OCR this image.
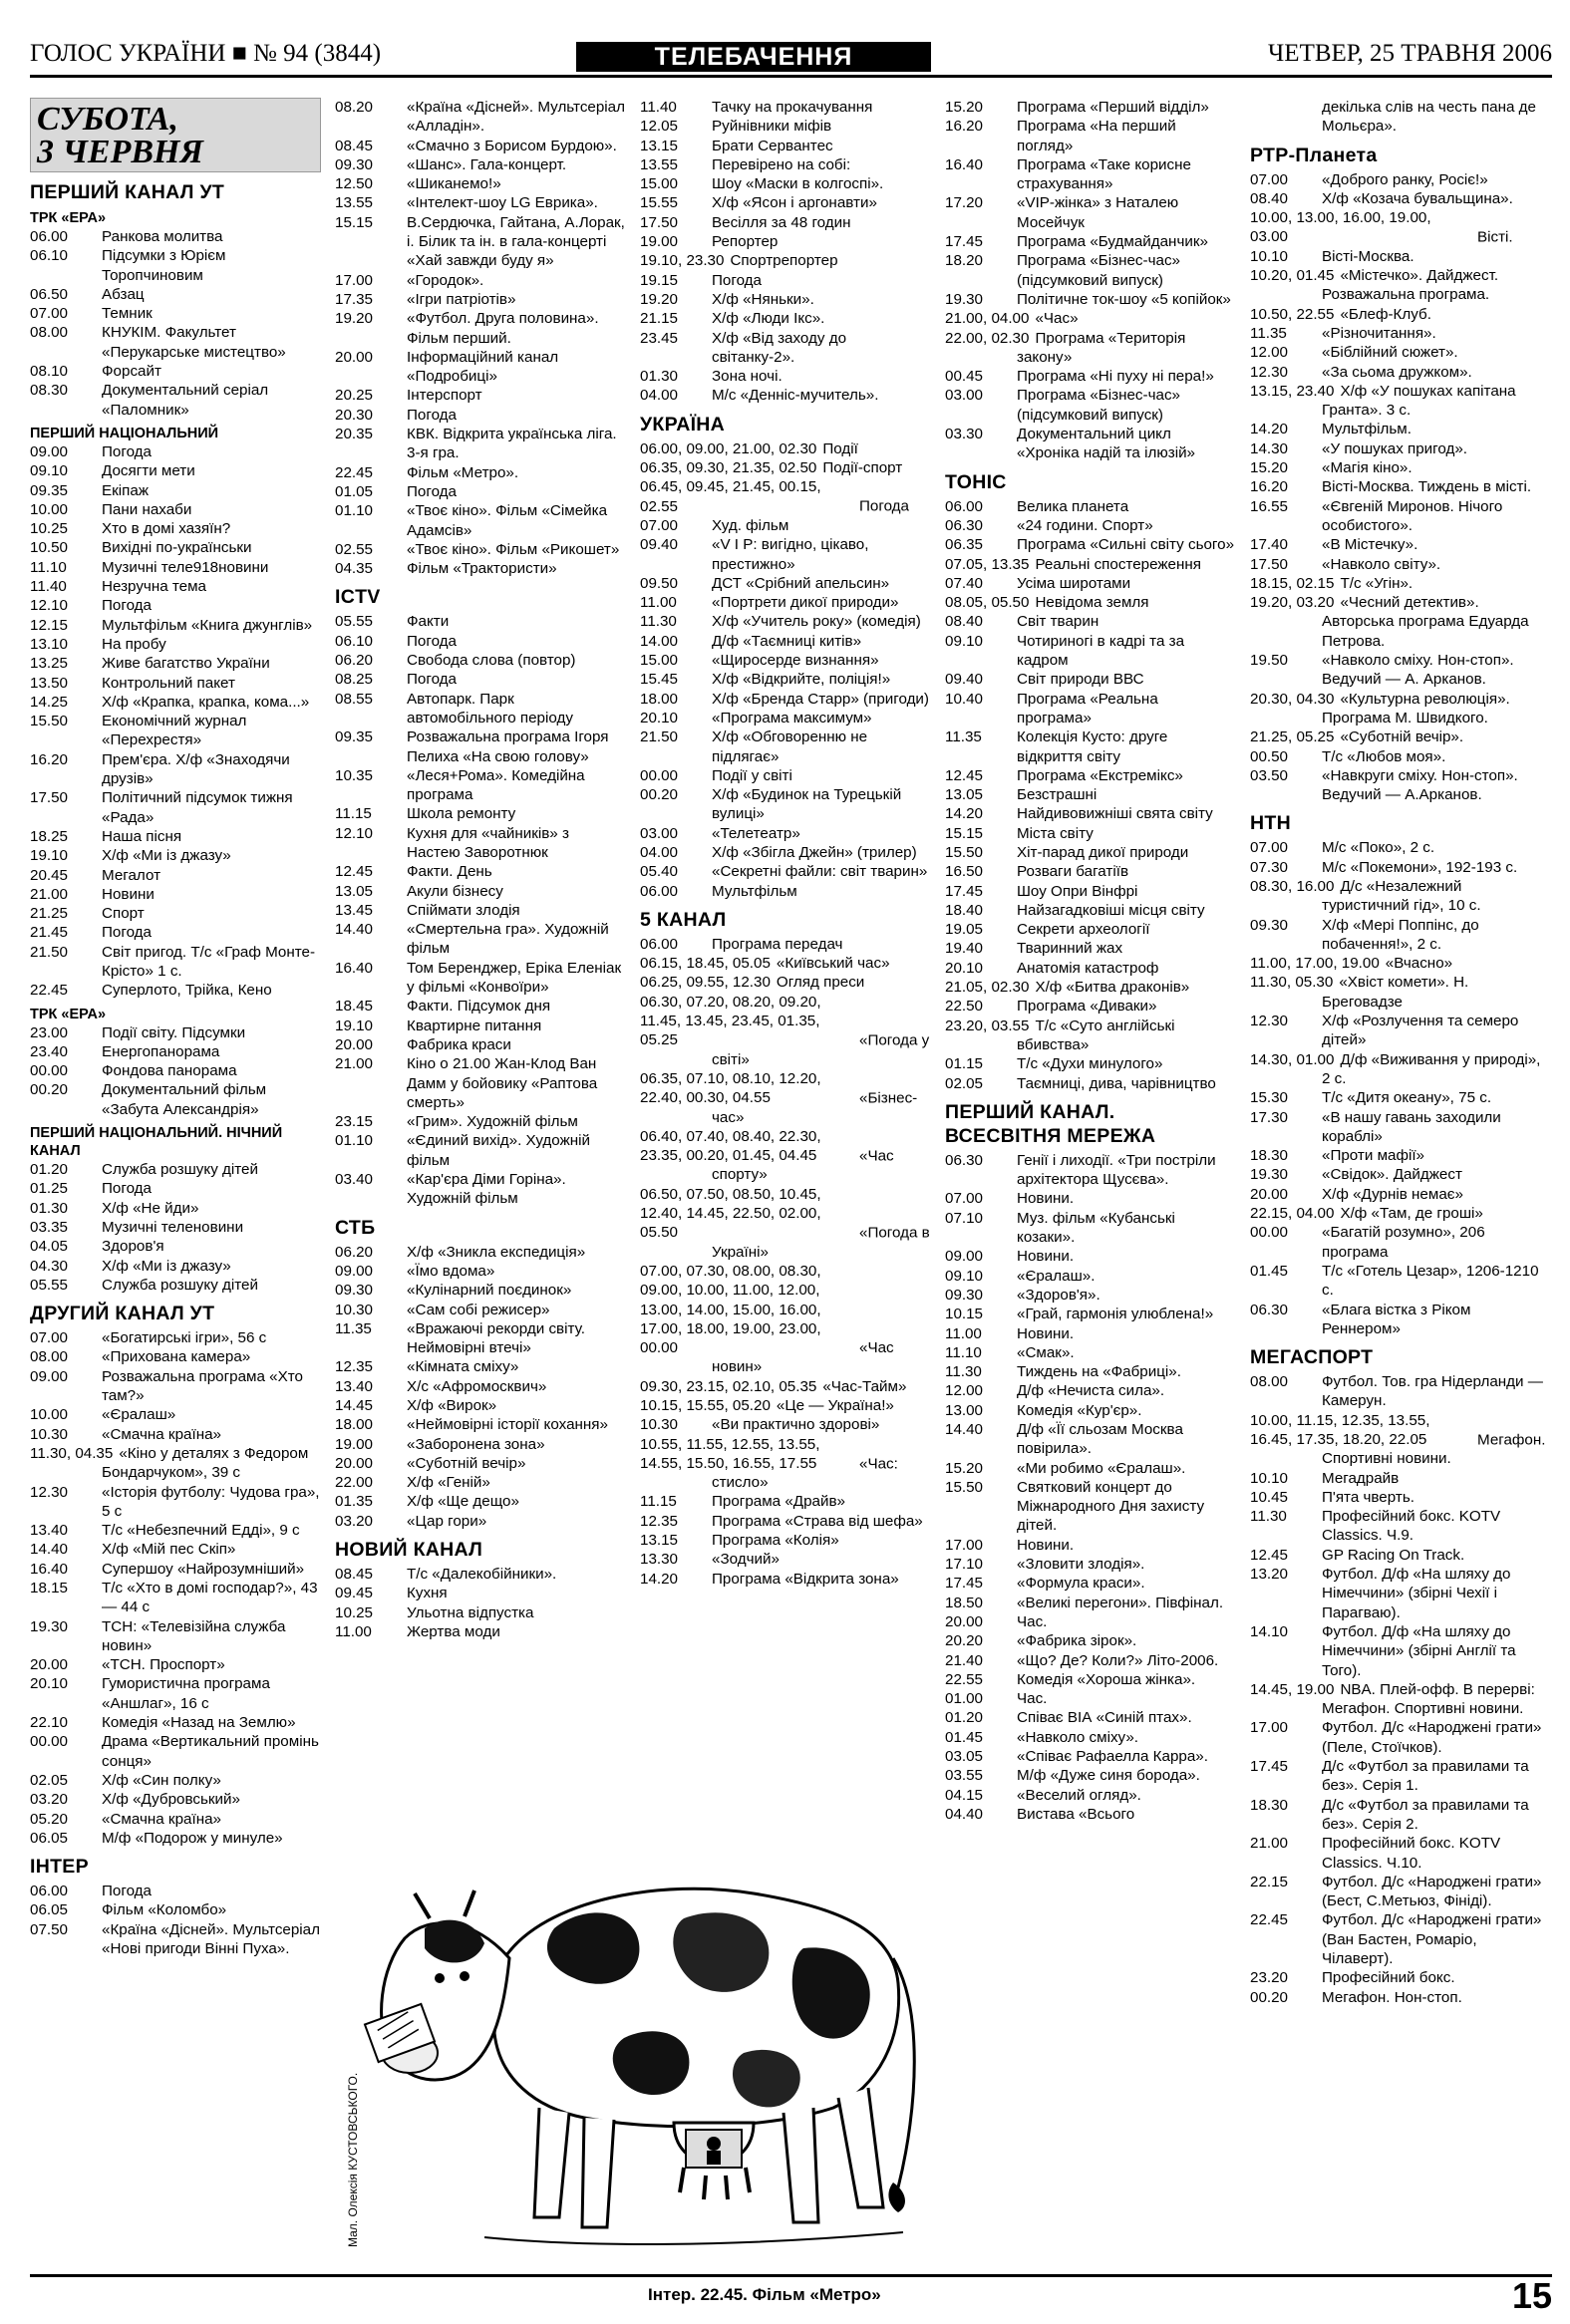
ГОЛОС УКРАЇНИ ■ № 94 (3844)	ТЕЛЕБАЧЕННЯ	ЧЕТВЕР, 25 ТРАВНЯ 2006
СУБОТА,
3 ЧЕРВНЯ
ПЕРШИЙ КАНАЛ УТ
ТРК «ЕРА»
06.00 Ранкова молитва
06.10 Підсумки з Юрієм Торопчиновим
06.50 Абзац
07.00 Темник
08.00 КНУКІМ. Факультет «Перукарське мистецтво»
08.10 Форсайт
08.30 Документальний серіал «Паломник»
ПЕРШИЙ НАЦІОНАЛЬНИЙ
09.00 Погода
09.10 Досягти мети
09.35 Екіпаж
10.00 Пани нахаби
10.25 Хто в домі хазяїн?
10.50 Вихідні по-українськи
11.10 Музичні теле918новини
11.40 Незручна тема
12.10 Погода
12.15 Мультфільм «Книга джунглів»
13.10 На пробу
13.25 Живе багатство України
13.50 Контрольний пакет
14.25 Х/ф «Крапка, крапка, кома...»
15.50 Економічний журнал «Перехрестя»
16.20 Прем'єра. Х/ф «Знаходячи друзів»
17.50 Політичний підсумок тижня «Рада»
18.25 Наша пісня
19.10 Х/ф «Ми із джазу»
20.45 Мегалот
21.00 Новини
21.25 Спорт
21.45 Погода
21.50 Світ пригод. Т/с «Граф Монте-Крісто» 1 с.
22.45 Суперлото, Трійка, Кено
ТРК «ЕРА»
23.00 Події світу. Підсумки
23.40 Енергопанорама
00.00 Фондова панорама
00.20 Документальний фільм «Забута Александрія»
ПЕРШИЙ НАЦІОНАЛЬНИЙ. НІЧНИЙ КАНАЛ
01.20 Служба розшуку дітей
01.25 Погода
01.30 Х/ф «Не йди»
03.35 Музичні теленовини
04.05 Здоров'я
04.30 Х/ф «Ми із джазу»
05.55 Служба розшуку дітей
ДРУГИЙ КАНАЛ УТ
07.00 «Богатирські ігри», 56 с
08.00 «Прихована камера»
09.00 Розважальна програма «Хто там?»
10.00 «Єралаш»
10.30 «Смачна країна»
11.30, 04.35 «Кіно у деталях з Федором Бондарчуком», 39 с
12.30 «Історія футболу: Чудова гра», 5 с
13.40 Т/с «Небезпечний Едді», 9 с
14.40 Х/ф «Мій пес Скіп»
16.40 Супершоу «Найрозумніший»
18.15 Т/с «Хто в домі господар?», 43 — 44 с
19.30 ТСН: «Телевізійна служба новин»
20.00 «ТСН. Проспорт»
20.10 Гумористична програма «Аншлаг», 16 с
22.10 Комедія «Назад на Землю»
00.00 Драма «Вертикальний промінь сонця»
02.05 Х/ф «Син полку»
03.20 Х/ф «Дубровський»
05.20 «Смачна країна»
06.05 М/ф «Подорож у минуле»
ІНТЕР
06.00 Погода
06.05 Фільм «Коломбо»
07.50 «Країна «Дісней». Мультсеріал «Нові пригоди Вінні Пуха».
08.20 «Країна «Дісней». Мультсеріал «Алладін».
08.45 «Смачно з Борисом Бурдою».
09.30 «Шанс». Гала-концерт.
12.50 «Шиканемо!»
13.55 «Інтелект-шоу LG Еврика».
15.15 В.Сердючка, Гайтана, А.Лорак, і. Білик та ін. в гала-концерті «Хай завжди буду я»
17.00 «Городок».
17.35 «Ігри патріотів»
19.20 «Футбол. Друга половина». Фільм перший.
20.00 Інформаційний канал «Подробиці»
20.25 Інтерспорт
20.30 Погода
20.35 КВК. Відкрита українська ліга. 3-я гра.
22.45 Фільм «Метро».
01.05 Погода
01.10 «Твоє кіно». Фільм «Сімейка Адамсів»
02.55 «Твоє кіно». Фільм «Рикошет»
04.35 Фільм «Трактористи»
ICTV
05.55 Факти
06.10 Погода
06.20 Свобода слова (повтор)
08.25 Погода
08.55 Автопарк. Парк автомобільного періоду
09.35 Розважальна програма Ігоря Пелиха «На свою голову»
10.35 «Леся+Рома». Комедійна програма
11.15 Школа ремонту
12.10 Кухня для «чайників» з Настею Заворотнюк
12.45 Факти. День
13.05 Акули бізнесу
13.45 Спіймати злодія
14.40 «Смертельна гра». Художній фільм
16.40 Том Беренджер, Еріка Еленіак у фільмі «Конвоїри»
18.45 Факти. Підсумок дня
19.10 Квартирне питання
20.00 Фабрика краси
21.00 Кіно о 21.00 Жан-Клод Ван Дамм у бойовику «Раптова смерть»
23.15 «Грим». Художній фільм
01.10 «Єдиний вихід». Художній фільм
03.40 «Кар'єра Діми Горіна». Художній фільм
СТБ
06.20 Х/ф «Зникла експедиція»
09.00 «Їмо вдома»
09.30 «Кулінарний поєдинок»
10.30 «Сам собі режисер»
11.35 «Вражаючі рекорди світу. Неймовірні втечі»
12.35 «Кімната сміху»
13.40 Х/с «Афромосквич»
14.45 Х/ф «Вирок»
18.00 «Неймовірні історії кохання»
19.00 «Заборонена зона»
20.00 «Суботній вечір»
22.00 Х/ф «Геній»
01.35 Х/ф «Ще дещо»
03.20 «Цар гори»
НОВИЙ КАНАЛ
08.45 Т/с «Далекобійники».
09.45 Кухня
10.25 Ульотна відпустка
11.00 Жертва моди
11.40 Тачку на прокачування
12.05 Руйнівники міфів
13.15 Брати Сервантес
13.55 Перевірено на собі:
15.00 Шоу «Маски в колгоспі».
15.55 Х/ф «Ясон і аргонавти»
17.50 Весілля за 48 годин
19.00 Репортер
19.10, 23.30 Спортрепортер
19.15 Погода
19.20 Х/ф «Няньки».
21.15 Х/ф «Люди Ікс».
23.45 Х/ф «Від заходу до світанку-2».
01.30 Зона ночі.
04.00 М/с «Денніс-мучитель».
УКРАЇНА
06.00, 09.00, 21.00, 02.30 Події
06.35, 09.30, 21.35, 02.50 Події-спорт
06.45, 09.45, 21.45, 00.15, 02.55	Погода
07.00 Худ. фільм
09.40 «V I P: вигідно, цікаво, престижно»
09.50 ДСТ «Срібний апельсин»
11.00 «Портрети дикої природи»
11.30 Х/ф «Учитель року» (комедія)
14.00 Д/ф «Таємниці китів»
15.00 «Щиросерде визнання»
15.45 Х/ф «Відкрийте, поліція!»
18.00 Х/ф «Бренда Старр» (пригоди)
20.10 «Програма максимум»
21.50 Х/ф «Обговоренню не підлягає»
00.00 Події у світі
00.20 Х/ф «Будинок на Турецькій вулиці»
03.00 «Телетеатр»
04.00 Х/ф «Збігла Джейн» (трилер)
05.40 «Секретні файли: світ тварин»
06.00 Мультфільм
5 КАНАЛ
06.00 Програма передач
06.15, 18.45, 05.05 «Київський час»
06.25, 09.55, 12.30 Огляд преси
06.30, 07.20, 08.20, 09.20, 11.45, 13.45, 23.45, 01.35, 05.25	«Погода у світі»
06.35, 07.10, 08.10, 12.20, 22.40, 00.30, 04.55	«Бізнес-час»
06.40, 07.40, 08.40, 22.30, 23.35, 00.20, 01.45, 04.45	«Час спорту»
06.50, 07.50, 08.50, 10.45, 12.40, 14.45, 22.50, 02.00, 05.50	«Погода в Україні»
07.00, 07.30, 08.00, 08.30, 09.00, 10.00, 11.00, 12.00, 13.00, 14.00, 15.00, 16.00, 17.00, 18.00, 19.00, 23.00, 00.00	«Час новин»
09.30, 23.15, 02.10, 05.35 «Час-Тайм»
10.15, 15.55, 05.20 «Це — Україна!»
10.30 «Ви практично здорові»
10.55, 11.55, 12.55, 13.55, 14.55, 15.50, 16.55, 17.55	«Час: стисло»
11.15 Програма «Драйв»
12.35 Програма «Страва від шефа»
13.15 Програма «Колія»
13.30 «Зодчий»
14.20 Програма «Відкрита зона»
15.20 Програма «Перший відділ»
16.20 Програма «На перший погляд»
16.40 Програма «Таке корисне страхування»
17.20 «VIP-жінка» з Наталею Мосейчук
17.45 Програма «Будмайданчик»
18.20 Програма «Бізнес-час» (підсумковий випуск)
19.30 Політичне ток-шоу «5 копійок»
21.00, 04.00 «Час»
22.00, 02.30 Програма «Територія закону»
00.45 Програма «Ні пуху ні пера!»
03.00 Програма «Бізнес-час» (підсумковий випуск)
03.30 Документальний цикл «Хроніка надій та ілюзій»
ТОНІС
06.00 Велика планета
06.30 «24 години. Спорт»
06.35 Програма «Сильні світу сього»
07.05, 13.35 Реальні спостереження
07.40 Усіма широтами
08.05, 05.50 Невідома земля
08.40 Світ тварин
09.10 Чотириногі в кадрі та за кадром
09.40 Світ природи ВВС
10.40 Програма «Реальна програма»
11.35 Колекція Кусто: друге відкриття світу
12.45 Програма «Екстремікс»
13.05 Безстрашні
14.20 Найдивовижніші свята світу
15.15 Міста світу
15.50 Хіт-парад дикої природи
16.50 Розваги багатіїв
17.45 Шоу Опри Вінфрі
18.40 Найзагадковіші місця світу
19.05 Секрети археології
19.40 Тваринний жах
20.10 Анатомія катастроф
21.05, 02.30 Х/ф «Битва драконів»
22.50 Програма «Диваки»
23.20, 03.55 Т/с «Суто англійські вбивства»
01.15 Т/с «Духи минулого»
02.05 Таємниці, дива, чарівництво
ПЕРШИЙ КАНАЛ. ВСЕСВІТНЯ МЕРЕЖА
06.30 Генії і лиходії. «Три постріли архітектора Щусєва».
07.00 Новини.
07.10 Муз. фільм «Кубанські козаки».
09.00 Новини.
09.10 «Єралаш».
09.30 «Здоров'я».
10.15 «Грай, гармонія улюблена!»
11.00 Новини.
11.10 «Смак».
11.30 Тиждень на «Фабриці».
12.00 Д/ф «Нечиста сила».
13.00 Комедія «Кур'єр».
14.40 Д/ф «Її сльозам Москва повірила».
15.20 «Ми робимо «Єралаш».
15.50 Святковий концерт до Міжнародного Дня захисту дітей.
17.00 Новини.
17.10 «Зловити злодія».
17.45 «Формула краси».
18.50 «Великі перегони». Півфінал.
20.00 Час.
20.20 «Фабрика зірок».
21.40 «Що? Де? Коли?» Літо-2006.
22.55 Комедія «Хороша жінка».
01.00 Час.
01.20 Співає ВІА «Синій птах».
01.45 «Навколо сміху».
03.05 «Співає Рафаелла Карра».
03.55 М/ф «Дуже синя борода».
04.15 «Веселий огляд».
04.40 Вистава «Всього
декілька слів на честь пана де Мольєра».
РТР-Планета
07.00 «Доброго ранку, Росіє!»
08.40 Х/ф «Козача бувальщина».
10.00, 13.00, 16.00, 19.00, 03.00	Вісті.
10.10 Вісті-Москва.
10.20, 01.45 «Містечко». Дайджест. Розважальна програма.
10.50, 22.55 «Блеф-Клуб.
11.35 «Різночитання».
12.00 «Біблійний сюжет».
12.30 «За сьома дружком».
13.15, 23.40 Х/ф «У пошуках капітана Гранта». 3 с.
14.20 Мультфільм.
14.30 «У пошуках пригод».
15.20 «Магія кіно».
16.20 Вісті-Москва. Тиждень в місті.
16.55 «Євгеній Миронов. Нічого особистого».
17.40 «В Містечку».
17.50 «Навколо світу».
18.15, 02.15 Т/с «Угін».
19.20, 03.20 «Чесний детектив». Авторська програма Едуарда Петрова.
19.50 «Навколо сміху. Нон-стоп». Ведучий — А. Арканов.
20.30, 04.30 «Культурна революція». Програма М. Швидкого.
21.25, 05.25 «Суботній вечір».
00.50 Т/с «Любов моя».
03.50 «Навкруги сміху. Нон-стоп». Ведучий — А.Арканов.
НТН
07.00 М/с «Поко», 2 с.
07.30 М/с «Покемони», 192-193 с.
08.30, 16.00 Д/с «Незалежний туристичний гід», 10 с.
09.30 Х/ф «Мері Поппінс, до побачення!», 2 с.
11.00, 17.00, 19.00 «Вчасно»
11.30, 05.30 «Хвіст комети». Н. Бреговадзе
12.30 Х/ф «Розлучення та семеро дітей»
14.30, 01.00 Д/ф «Виживання у природі», 2 с.
15.30 Т/с «Дитя океану», 75 с.
17.30 «В нашу гавань заходили кораблі»
18.30 «Проти мафії»
19.30 «Свідок». Дайджест
20.00 Х/ф «Дурнів немає»
22.15, 04.00 Х/ф «Там, де гроші»
00.00 «Багатій розумно», 206 програма
01.45 Т/с «Готель Цезар», 1206-1210 с.
06.30 «Блага вістка з Ріком Реннером»
МЕГАСПОРТ
08.00 Футбол. Тов. гра Нідерланди — Камерун.
10.00, 11.15, 12.35, 13.55, 16.45, 17.35, 18.20, 22.05	Мегафон. Спортивні новини.
10.10 Мегадрайв
10.45 П'ята чверть.
11.30 Професійний бокс. KOTV Classics. Ч.9.
12.45 GP Racing On Track.
13.20 Футбол. Д/ф «На шляху до Німеччини» (збірні Чехії і Парагваю).
14.10 Футбол. Д/ф «На шляху до Німеччини» (збірні Англії та Того).
14.45, 19.00 NBA. Плей-офф. В перерві: Мегафон. Спортивні новини.
17.00 Футбол. Д/с «Народжені грати» (Пеле, Стоїчков).
17.45 Д/с «Футбол за правилами та без». Серія 1.
18.30 Д/с «Футбол за правилами та без». Серія 2.
21.00 Професійний бокс. KOTV Classics. Ч.10.
22.15 Футбол. Д/с «Народжені грати» (Бест, С.Метьюз, Фініді).
22.45 Футбол. Д/с «Народжені грати» (Ван Бастен, Ромаріо, Чілаверт).
23.20 Професійний бокс.
00.20 Мегафон. Нон-стоп.
Мал. Олексія КУСТОВСЬКОГО.
Інтер. 22.45. Фільм «Метро»	15
